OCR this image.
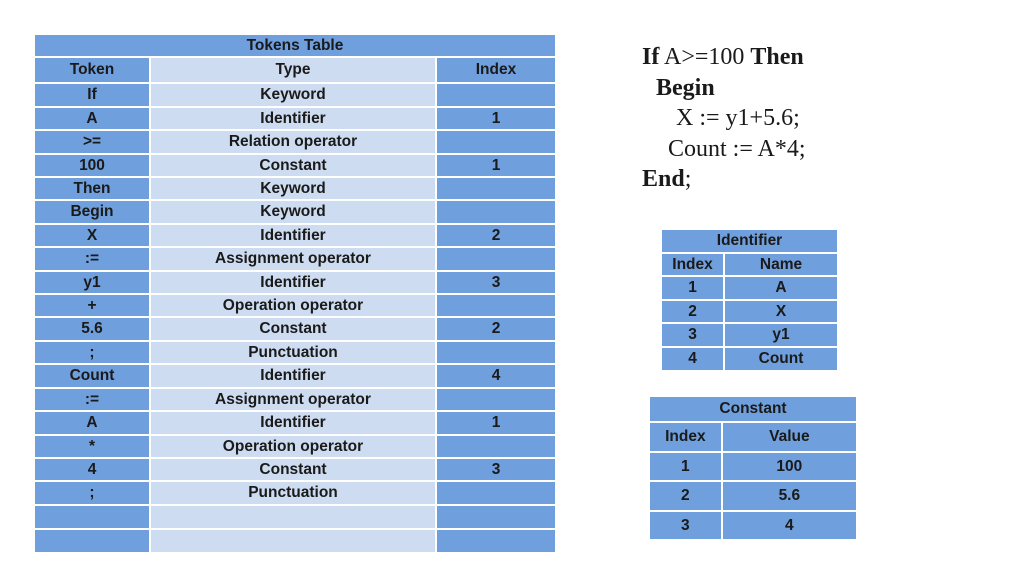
Tokens Table		
Token	Type	Index
If	Keyword	
A	Identifier	1
>=	Relation operator	
100	Constant	1
Then	Keyword	
Begin	Keyword	
X	Identifier	2
:=	Assignment operator	
y1	Identifier	3
+	Operation operator	
5.6	Constant	2
;	Punctuation	
Count	Identifier	4
:=	Assignment operator	
A	Identifier	1
*	Operation operator	
4	Constant	3
;	Punctuation	

If A>=100 Then
Begin
X := y1+5.6;
Count := A*4;
End;
Identifier	
Index	Name
1	A
2	X
3	y1
4	Count
Constant	
Index	Value
1	100
2	5.6
3	4
